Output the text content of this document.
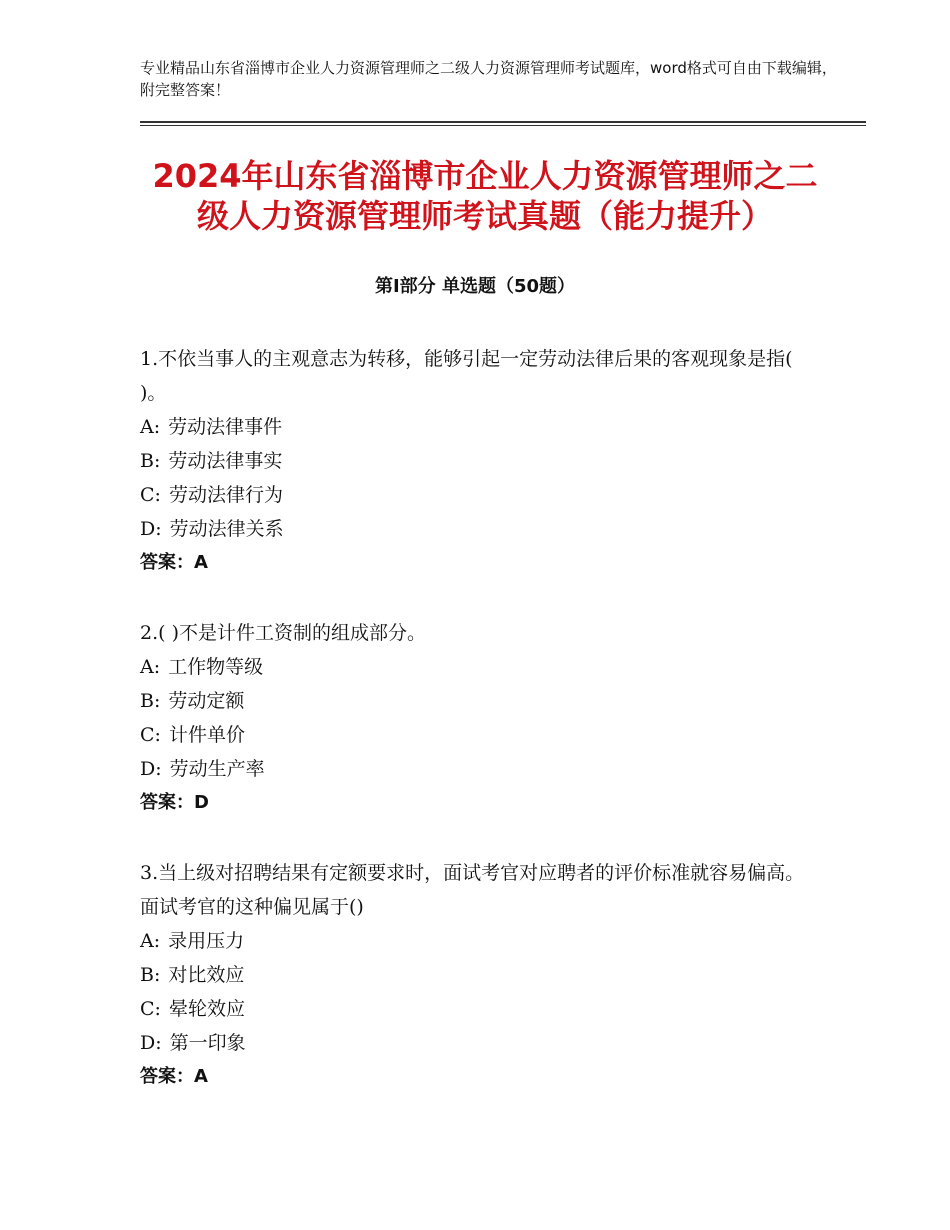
专业精品山东省淄博市企业人力资源管理师之二级人力资源管理师考试题库，word格式可自由下载编辑，附完整答案！
2024年山东省淄博市企业人力资源管理师之二级人力资源管理师考试真题（能力提升）
第Ⅰ部分 单选题（50题）

1.不依当事人的主观意志为转移，能够引起一定劳动法律后果的客观现象是指( )。

A: 劳动法律事件

B: 劳动法律事实

C: 劳动法律行为

D: 劳动法律关系

答案：A

2.( )不是计件工资制的组成部分。

A: 工作物等级

B: 劳动定额

C: 计件单价

D: 劳动生产率

答案：D

3.当上级对招聘结果有定额要求时，面试考官对应聘者的评价标准就容易偏高。面试考官的这种偏见属于()

A: 录用压力

B: 对比效应

C: 晕轮效应

D: 第一印象

答案：A
